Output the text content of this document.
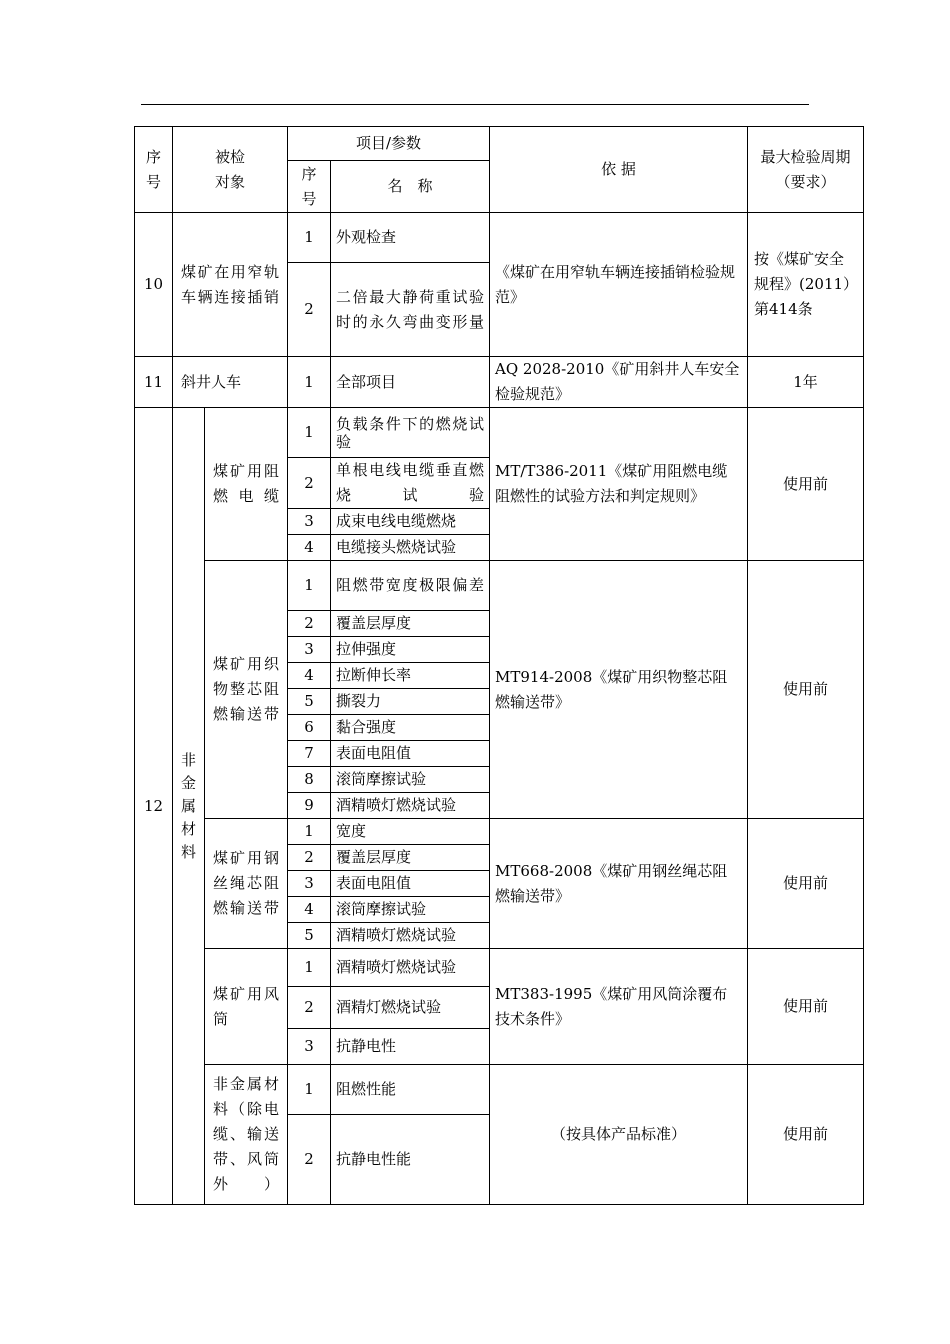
序号	被检对象		项目/参数		依 据	最大检验周期（要求）
			序号	名　称		
10	煤矿在用窄轨车辆连接插销		1	外观检查	《煤矿在用窄轨车辆连接插销检验规范》	按《煤矿安全规程》(2011）第414条
			2	二倍最大静荷重试验时的永久弯曲变形量		
11	斜井人车		1	全部项目	AQ 2028-2010《矿用斜井人车安全检验规范》	1年
12	非金属材料	煤矿用阻燃电缆	1	负载条件下的燃烧试验	MT/T386-2011《煤矿用阻燃电缆阻燃性的试验方法和判定规则》	使用前
			2	单根电线电缆垂直燃烧试验		
			3	成束电线电缆燃烧		
			4	电缆接头燃烧试验		
		煤矿用织物整芯阻燃输送带	1	阻燃带宽度极限偏差	MT914-2008《煤矿用织物整芯阻燃输送带》	使用前
			2	覆盖层厚度		
			3	拉伸强度		
			4	拉断伸长率		
			5	撕裂力		
			6	黏合强度		
			7	表面电阻值		
			8	滚筒摩擦试验		
			9	酒精喷灯燃烧试验		
		煤矿用钢丝绳芯阻燃输送带	1	宽度	MT668-2008《煤矿用钢丝绳芯阻燃输送带》	使用前
			2	覆盖层厚度		
			3	表面电阻值		
			4	滚筒摩擦试验		
			5	酒精喷灯燃烧试验		
		煤矿用风筒	1	酒精喷灯燃烧试验	MT383-1995《煤矿用风筒涂覆布技术条件》	使用前
			2	酒精灯燃烧试验		
			3	抗静电性		
		非金属材料（除电缆、输送带、风筒外）	1	阻燃性能	（按具体产品标准）	使用前
			2	抗静电性能		
